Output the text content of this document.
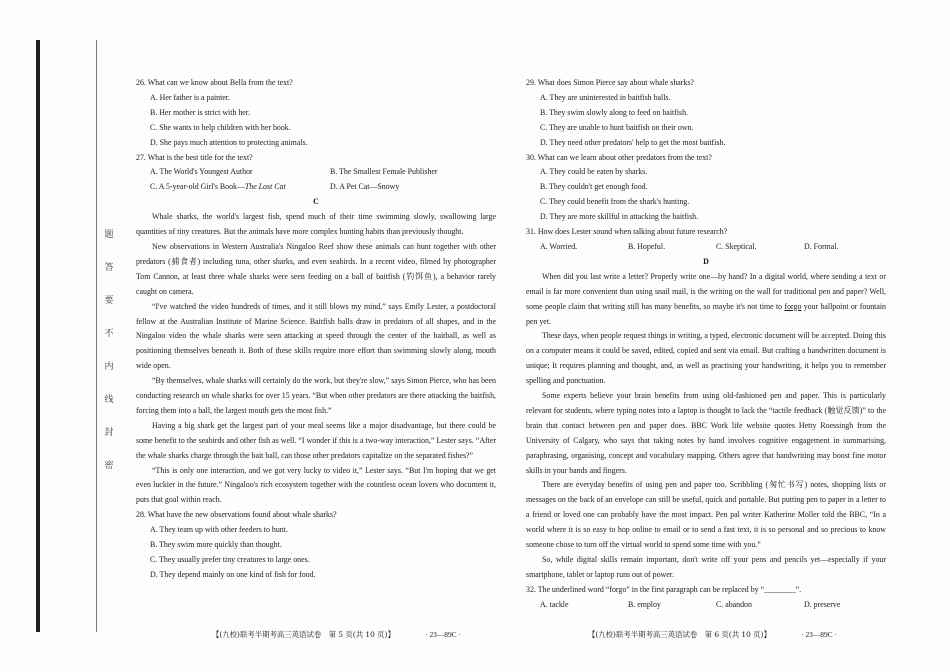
题
答
要
不
内
线
封
密

26. What can we know about Bella from the text?

A. Her father is a painter.

B. Her mother is strict with her.

C. She wants to help children with her book.

D. She pays much attention to protecting animals.

27. What is the best title for the text?

A. The World's Youngest Author	B. The Smallest Female Publisher
C. A 5-year-old Girl's Book—The Lost Cat	D. A Pet Cat—Snowy

C

Whale sharks, the world's largest fish, spend much of their time swimming slowly, swallowing large quantities of tiny creatures. But the animals have more complex hunting habits than previously thought.

New observations in Western Australia's Ningaloo Reef show these animals can hunt together with other predators (捕食者) including tuna, other sharks, and even seabirds. In a recent video, filmed by photographer Tom Cannon, at least three whale sharks were seen feeding on a ball of baitfish (钓饵鱼), a behavior rarely caught on camera.

“I've watched the video hundreds of times, and it still blows my mind,” says Emily Lester, a postdoctoral fellow at the Australian Institute of Marine Science. Baitfish balls draw in predators of all shapes, and in the Ningaloo video the whale sharks were seen attacking at speed through the center of the baitball, as well as positioning themselves beneath it. Both of these skills require more effort than swimming slowly along, mouth wide open.

“By themselves, whale sharks will certainly do the work, but they're slow,” says Simon Pierce, who has been conducting research on whale sharks for over 15 years. “But when other predators are there attacking the baitfish, forcing them into a ball, the largest mouth gets the most fish.”

Having a big shark get the largest part of your meal seems like a major disadvantage, but there could be some benefit to the seabirds and other fish as well. “I wonder if this is a two-way interaction,” Lester says. “After the whale sharks charge through the bait ball, can those other predators capitalize on the separated fishes?”

“This is only one interaction, and we got very lucky to video it,” Lester says. “But I'm hoping that we get even luckier in the future.” Ningaloo's rich ecosystem together with the countless ocean lovers who document it, puts that goal within reach.

28. What have the new observations found about whale sharks?

A. They team up with other feeders to hunt.

B. They swim more quickly than thought.

C. They usually prefer tiny creatures to large ones.

D. They depend mainly on one kind of fish for food.

【(九校)联考半期考高三英语试卷　第 5 页(共 10 页)】	· 23—89C ·

29. What does Simon Pierce say about whale sharks?

A. They are uninterested in baitfish balls.

B. They swim slowly along to feed on baitfish.

C. They are unable to hunt baitfish on their own.

D. They need other predators' help to get the most baitfish.

30. What can we learn about other predators from the text?

A. They could be eaten by sharks.

B. They couldn't get enough food.

C. They could benefit from the shark's hunting.

D. They are more skillful in attacking the baitfish.

31. How does Lester sound when talking about future research?

A. Worried.	B. Hopeful.	C. Skeptical.	D. Formal.

D

When did you last write a letter? Properly write one—by hand? In a digital world, where sending a text or email is far more convenient than using snail mail, is the writing on the wall for traditional pen and paper? Well, some people claim that writing still has many benefits, so maybe it's not time to forgo your ballpoint or fountain pen yet.

These days, when people request things in writing, a typed, electronic document will be accepted. Doing this on a computer means it could be saved, edited, copied and sent via email. But crafting a handwritten document is unique; It requires planning and thought, and, as well as practising your handwriting, it helps you to remember spelling and punctuation.

Some experts believe your brain benefits from using old-fashioned pen and paper. This is particularly relevant for students, where typing notes into a laptop is thought to lack the “tactile feedback (触觉反馈)” to the brain that contact between pen and paper does. BBC Work life website quotes Hetty Roessingh from the University of Calgary, who says that taking notes by hand involves cognitive engagement in summarising, paraphrasing, organising, concept and vocabulary mapping. Others agree that handwriting may boost fine motor skills in your hands and fingers.

There are everyday benefits of using pen and paper too. Scribbling (匆忙书写) notes, shopping lists or messages on the back of an envelope can still be useful, quick and portable. But putting pen to paper in a letter to a friend or loved one can probably have the most impact. Pen pal writer Katherine Moller told the BBC, “In a world where it is so easy to hop online to email or to send a fast text, it is so personal and so precious to know someone chose to turn off the virtual world to spend some time with you.”

So, while digital skills remain important, don't write off your pens and pencils yet—especially if your smartphone, tablet or laptop runs out of power.

32. The underlined word “forgo” in the first paragraph can be replaced by “________”.

A. tackle	B. employ	C. abandon	D. preserve
【(九校)联考半期考高三英语试卷　第 6 页(共 10 页)】	· 23—89C ·
